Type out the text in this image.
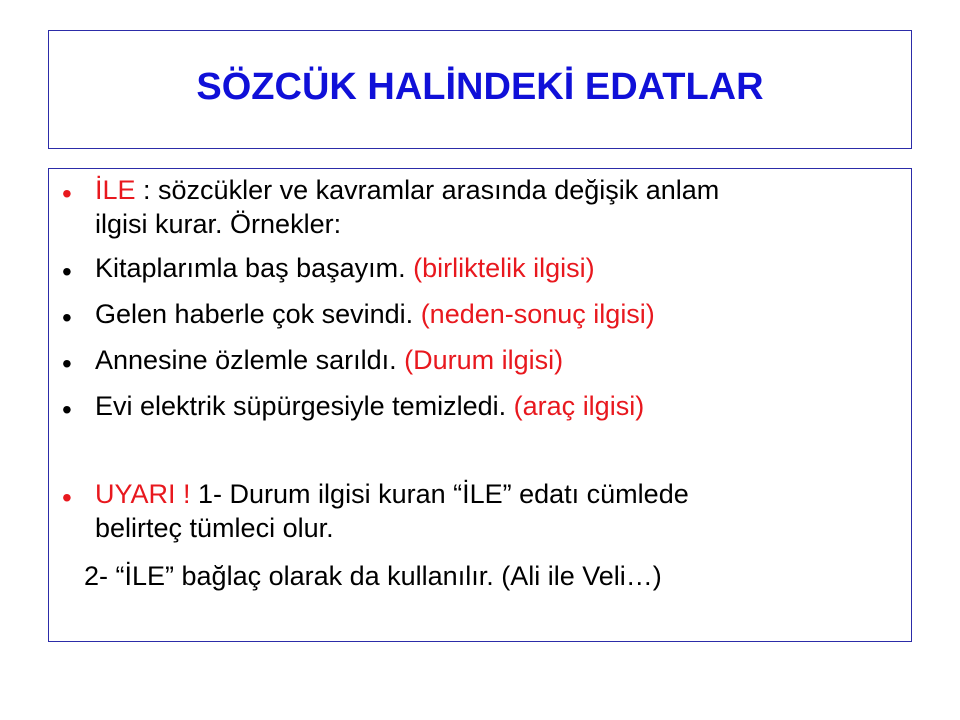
SÖZCÜK HALİNDEKİ EDATLAR
• İLE : sözcükler ve kavramlar arasında değişik anlam
ilgisi kurar. Örnekler:
• Kitaplarımla baş başayım. (birliktelik ilgisi)
• Gelen haberle çok sevindi. (neden-sonuç ilgisi)
• Annesine özlemle sarıldı. (Durum ilgisi)
• Evi elektrik süpürgesiyle temizledi. (araç ilgisi)
• UYARI ! 1- Durum ilgisi kuran “İLE” edatı cümlede
belirteç tümleci olur.
2- “İLE” bağlaç olarak da kullanılır. (Ali ile Veli…)
